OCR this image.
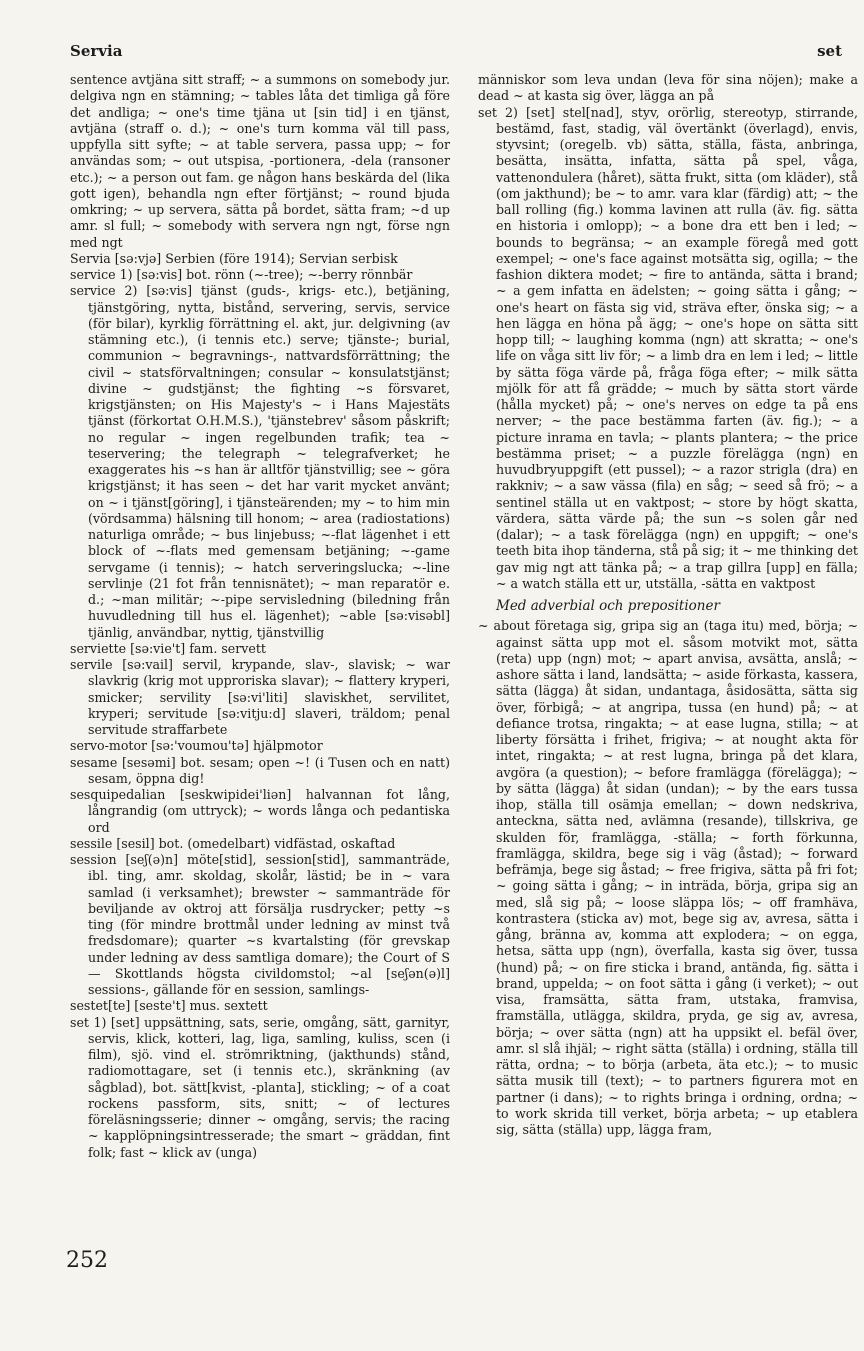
Servia	set

sentence avtjäna sitt straff; ~ a summons on somebody jur. delgiva ngn en stämning; ~ tables låta det timliga gå före det andliga; ~ one's time tjäna ut [sin tid] i en tjänst, avtjäna (straff o. d.); ~ one's turn komma väl till pass, uppfylla sitt syfte; ~ at table servera, passa upp; ~ for användas som; ~ out utspisa, -portionera, -dela (ransoner etc.); ~ a person out fam. ge någon hans beskärda del (lika gott igen), behandla ngn efter förtjänst; ~ round bjuda omkring; ~ up servera, sätta på bordet, sätta fram; ~d up amr. sl full; ~ somebody with servera ngn ngt, förse ngn med ngt

Servia [sə:vjə] Serbien (före 1914); Servian serbisk

service 1) [sə:vis] bot. rönn (~-tree); ~-berry rönnbär

service 2) [sə:vis] tjänst (guds-, krigs- etc.), betjäning, tjänstgöring, nytta, bistånd, servering, servis, service (för bilar), kyrklig förrättning el. akt, jur. delgivning (av stämning etc.), (i tennis etc.) serve; tjänste-; burial, communion ~ begravnings-, nattvardsförrättning; the civil ~ statsförvaltningen; consular ~ konsulatstjänst; divine ~ gudstjänst; the fighting ~s försvaret, krigstjänsten; on His Majesty's ~ i Hans Majestäts tjänst (förkortat O.H.M.S.), 'tjänstebrev' såsom påskrift; no regular ~ ingen regelbunden trafik; tea ~ teservering; the telegraph ~ telegrafverket; he exaggerates his ~s han är alltför tjänstvillig; see ~ göra krigstjänst; it has seen ~ det har varit mycket använt; on ~ i tjänst[göring], i tjänsteärenden; my ~ to him min (vördsamma) hälsning till honom; ~ area (radiostations) naturliga område; ~ bus linjebuss; ~-flat lägenhet i ett block of ~-flats med gemensam betjäning; ~-game servgame (i tennis); ~ hatch serveringslucka; ~-line servlinje (21 fot från tennisnätet); ~ man reparatör e. d.; ~man militär; ~-pipe servisledning (biledning från huvudledning till hus el. lägenhet); ~able [sə:visəbl] tjänlig, användbar, nyttig, tjänstvillig

serviette [sə:vie't] fam. servett

servile [sə:vail] servil, krypande, slav-, slavisk; ~ war slavkrig (krig mot upproriska slavar); ~ flattery kryperi, smicker; servility [sə:vi'liti] slaviskhet, servilitet, kryperi; servitude [sə:vitju:d] slaveri, träldom; penal servitude straffarbete

servo-motor [sə:'voumou'tə] hjälpmotor

sesame [sesəmi] bot. sesam; open ~! (i Tusen och en natt) sesam, öppna dig!

sesquipedalian [seskwipidei'liən] halvannan fot lång, långrandig (om uttryck); ~ words långa och pedantiska ord

sessile [sesil] bot. (omedelbart) vidfästad, oskaftad

session [seʃ(ə)n] möte[stid], session[stid], sammanträde, ibl. ting, amr. skoldag, skolår, lästid; be in ~ vara samlad (i verksamhet); brewster ~ sammanträde för beviljande av oktroj att försälja rusdrycker; petty ~s ting (för mindre brottmål under ledning av minst två fredsdomare); quarter ~s kvartalsting (för grevskap under ledning av dess samtliga domare); the Court of S— Skottlands högsta civildomstol; ~al [seʃən(ə)l] sessions-, gällande för en session, samlings-

sestet[te] [seste't] mus. sextett

set 1) [set] uppsättning, sats, serie, omgång, sätt, garnityr, servis, klick, kotteri, lag, liga, samling, kuliss, scen (i film), sjö. vind el. strömriktning, (jakthunds) stånd, radiomottagare, set (i tennis etc.), skränkning (av sågblad), bot. sätt[kvist, -planta], stickling; ~ of a coat rockens passform, sits, snitt; ~ of lectures föreläsningsserie; dinner ~ omgång, servis; the racing ~ kapplöpningsintresserade; the smart ~ gräddan, fint folk; fast ~ klick av (unga)

människor som leva undan (leva för sina nöjen); make a dead ~ at kasta sig över, lägga an på

set 2) [set] stel[nad], styv, orörlig, stereotyp, stirrande, bestämd, fast, stadig, väl övertänkt (överlagd), envis, styvsint; (oregelb. vb) sätta, ställa, fästa, anbringa, besätta, insätta, infatta, sätta på spel, våga, vattenondulera (håret), sätta frukt, sitta (om kläder), stå (om jakthund); be ~ to amr. vara klar (färdig) att; ~ the ball rolling (fig.) komma lavinen att rulla (äv. fig. sätta en historia i omlopp); ~ a bone dra ett ben i led; ~ bounds to begränsa; ~ an example föregå med gott exempel; ~ one's face against motsätta sig, ogilla; ~ the fashion diktera modet; ~ fire to antända, sätta i brand; ~ a gem infatta en ädelsten; ~ going sätta i gång; ~ one's heart on fästa sig vid, sträva efter, önska sig; ~ a hen lägga en höna på ägg; ~ one's hope on sätta sitt hopp till; ~ laughing komma (ngn) att skratta; ~ one's life on våga sitt liv för; ~ a limb dra en lem i led; ~ little by sätta föga värde på, fråga föga efter; ~ milk sätta mjölk för att få grädde; ~ much by sätta stort värde (hålla mycket) på; ~ one's nerves on edge ta på ens nerver; ~ the pace bestämma farten (äv. fig.); ~ a picture inrama en tavla; ~ plants plantera; ~ the price bestämma priset; ~ a puzzle förelägga (ngn) en huvudbryuppgift (ett pussel); ~ a razor strigla (dra) en rakkniv; ~ a saw vässa (fila) en såg; ~ seed så frö; ~ a sentinel ställa ut en vaktpost; ~ store by högt skatta, värdera, sätta värde på; the sun ~s solen går ned (dalar); ~ a task förelägga (ngn) en uppgift; ~ one's teeth bita ihop tänderna, stå på sig; it ~ me thinking det gav mig ngt att tänka på; ~ a trap gillra [upp] en fälla; ~ a watch ställa ett ur, utställa, -sätta en vaktpost

Med adverbial och prepositioner

~ about företaga sig, gripa sig an (taga itu) med, börja; ~ against sätta upp mot el. såsom motvikt mot, sätta (reta) upp (ngn) mot; ~ apart anvisa, avsätta, anslå; ~ ashore sätta i land, landsätta; ~ aside förkasta, kassera, sätta (lägga) åt sidan, undantaga, åsidosätta, sätta sig över, förbigå; ~ at angripa, tussa (en hund) på; ~ at defiance trotsa, ringakta; ~ at ease lugna, stilla; ~ at liberty försätta i frihet, frigiva; ~ at nought akta för intet, ringakta; ~ at rest lugna, bringa på det klara, avgöra (a question); ~ before framlägga (förelägga); ~ by sätta (lägga) åt sidan (undan); ~ by the ears tussa ihop, ställa till osämja emellan; ~ down nedskriva, anteckna, sätta ned, avlämna (resande), tillskriva, ge skulden för, framlägga, -ställa; ~ forth förkunna, framlägga, skildra, bege sig i väg (åstad); ~ forward befrämja, bege sig åstad; ~ free frigiva, sätta på fri fot; ~ going sätta i gång; ~ in inträda, börja, gripa sig an med, slå sig på; ~ loose släppa lös; ~ off framhäva, kontrastera (sticka av) mot, bege sig av, avresa, sätta i gång, bränna av, komma att explodera; ~ on egga, hetsa, sätta upp (ngn), överfalla, kasta sig över, tussa (hund) på; ~ on fire sticka i brand, antända, fig. sätta i brand, uppelda; ~ on foot sätta i gång (i verket); ~ out visa, framsätta, sätta fram, utstaka, framvisa, framställa, utlägga, skildra, pryda, ge sig av, avresa, börja; ~ over sätta (ngn) att ha uppsikt el. befäl över, amr. sl slå ihjäl; ~ right sätta (ställa) i ordning, ställa till rätta, ordna; ~ to börja (arbeta, äta etc.); ~ to music sätta musik till (text); ~ to partners figurera mot en partner (i dans); ~ to rights bringa i ordning, ordna; ~ to work skrida till verket, börja arbeta; ~ up etablera sig, sätta (ställa) upp, lägga fram,

252
